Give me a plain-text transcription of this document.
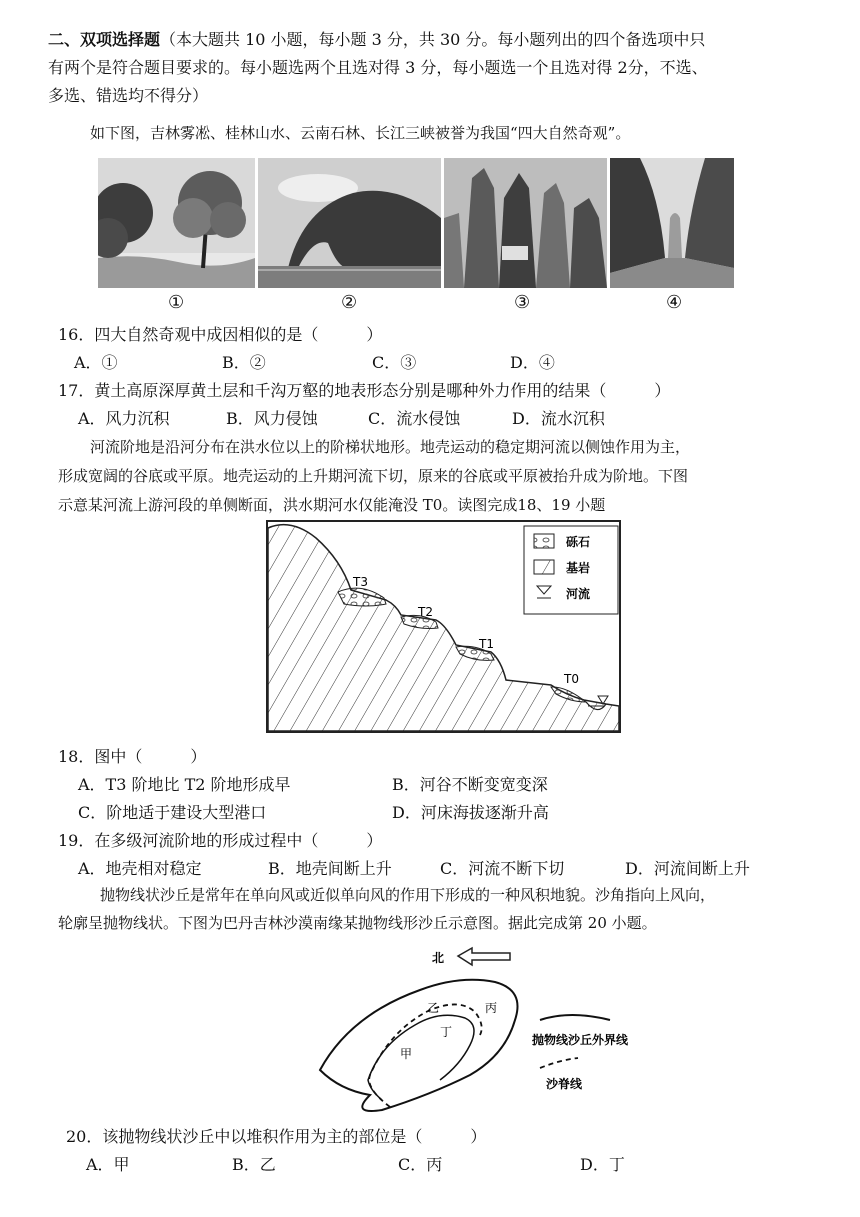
二、双项选择题（本大题共 10 小题，每小题 3 分，共 30 分。每小题列出的四个备选项中只
有两个是符合题目要求的。每小题选两个且选对得 3 分，每小题选一个且选对得 2分，不选、
多选、错选均不得分）
如下图，吉林雾凇、桂林山水、云南石林、长江三峡被誉为我国“四大自然奇观”。
①	②	③	④
16．四大自然奇观中成因相似的是（　　　）
A．①	B．②	C．③	D．④
17．黄土高原深厚黄土层和千沟万壑的地表形态分别是哪种外力作用的结果（　　　）
A．风力沉积	B．风力侵蚀	C．流水侵蚀	D．流水沉积
河流阶地是沿河分布在洪水位以上的阶梯状地形。地壳运动的稳定期河流以侧蚀作用为主，
形成宽阔的谷底或平原。地壳运动的上升期河流下切，原来的谷底或平原被抬升成为阶地。下图
示意某河流上游河段的单侧断面，洪水期河水仅能淹没 T0。读图完成18、19 小题
T3
T2
T1
T0
砾石
基岩
河流
18．图中（　　　）
A．T3 阶地比 T2 阶地形成早	B．河谷不断变宽变深
C．阶地适于建设大型港口	D．河床海拔逐渐升高
19．在多级河流阶地的形成过程中（　　　）
A．地壳相对稳定	B．地壳间断上升	C．河流不断下切	D．河流间断上升
抛物线状沙丘是常年在单向风或近似单向风的作用下形成的一种风积地貌。沙角指向上风向，
轮廓呈抛物线状。下图为巴丹吉林沙漠南缘某抛物线形沙丘示意图。据此完成第 20 小题。
北
甲
乙	丙
丁
抛物线沙丘外界线
沙脊线
20．该抛物线状沙丘中以堆积作用为主的部位是（　　　）
A．甲	B．乙	C．丙	D．丁
